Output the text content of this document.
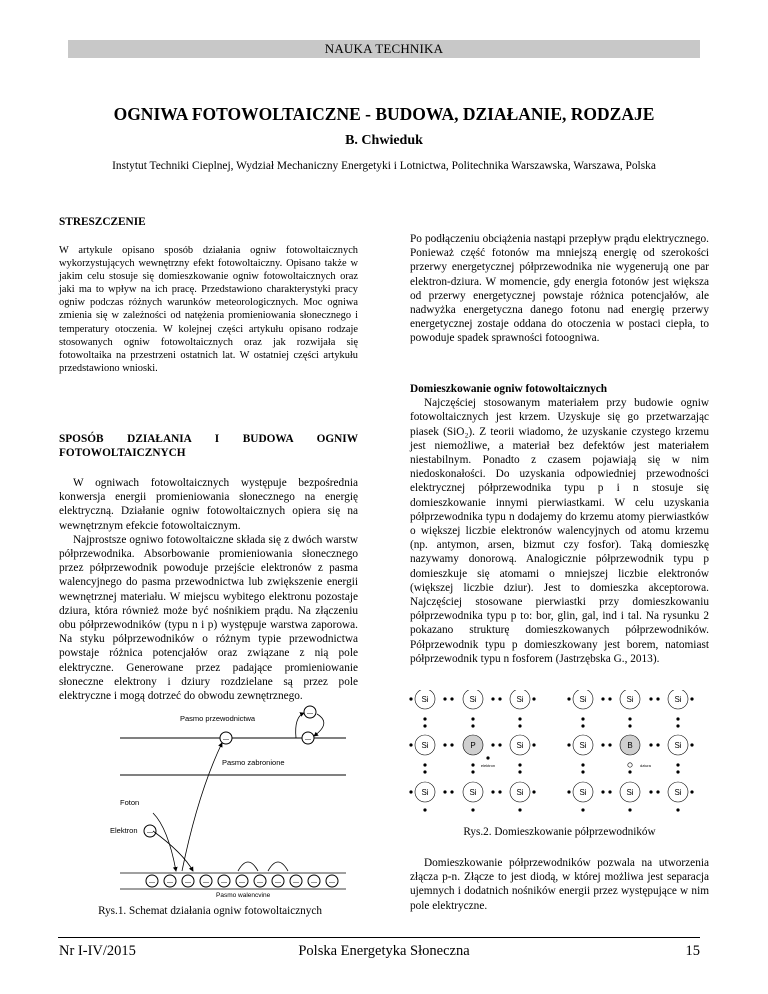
NAUKA TECHNIKA
OGNIWA FOTOWOLTAICZNE - BUDOWA, DZIAŁANIE, RODZAJE
B. Chwieduk
Instytut Techniki Cieplnej, Wydział Mechaniczny Energetyki i Lotnictwa, Politechnika Warszawska, Warszawa, Polska
STRESZCZENIE
W artykule opisano sposób działania ogniw fotowoltaicznych wykorzystujących wewnętrzny efekt fotowoltaiczny. Opisano także w jakim celu stosuje się domieszkowanie ogniw fotowoltaicznych oraz jaki ma to wpływ na ich pracę. Przedstawiono charakterystyki pracy ogniw podczas różnych warunków meteorologicznych. Moc ogniwa zmienia się w zależności od natężenia promieniowania słonecznego i temperatury otoczenia. W kolejnej części artykułu opisano rodzaje stosowanych ogniw fotowoltaicznych oraz jak rozwijała się fotowoltaika na przestrzeni ostatnich lat. W ostatniej części artykułu przedstawiono wnioski.
SPOSÓB DZIAŁANIA I BUDOWA OGNIW FOTOWOLTAICZNYCH

W ogniwach fotowoltaicznych występuje bezpośrednia konwersja energii promieniowania słonecznego na energię elektryczną. Działanie ogniw fotowoltaicznych opiera się na wewnętrznym efekcie fotowoltaicznym.

Najprostsze ogniwo fotowoltaiczne składa się z dwóch warstw półprzewodnika. Absorbowanie promieniowania słonecznego przez półprzewodnik powoduje przejście elektronów z pasma walencyjnego do pasma przewodnictwa lub zwiększenie energii wewnętrznej materiału. W miejscu wybitego elektronu pozostaje dziura, która również może być nośnikiem prądu. Na złączeniu obu półprzewodników (typu n i p) występuje warstwa zaporowa. Na styku półprzewodników o różnym typie przewodnictwa powstaje różnica potencjałów oraz związane z nią pole elektryczne. Generowane przez padające promieniowanie słoneczne elektrony i dziury rozdzielane są przez pole elektryczne i mogą dotrzeć do obwodu zewnętrznego.

Pasmo przewodnictwa
Pasmo zabronione
—	—
—
Foton
Elektron —
— — — — — — — — — — —
Pasmo walencyjne
Rys.1. Schemat działania ogniw fotowoltaicznych

Po podłączeniu obciążenia nastąpi przepływ prądu elektrycznego. Ponieważ część fotonów ma mniejszą energię od szerokości przerwy energetycznej półprzewodnika nie wygenerują one par elektron-dziura. W momencie, gdy energia fotonów jest większa od przerwy energetycznej powstaje różnica potencjałów, ale nadwyżka energetyczna danego fotonu nad energię przerwy energetycznej zostaje oddana do otoczenia w postaci ciepła, to powoduje spadek sprawności fotoogniwa.

Domieszkowanie ogniw fotowoltaicznych

Najczęściej stosowanym materiałem przy budowie ogniw fotowoltaicznych jest krzem. Uzyskuje się go przetwarzając piasek (SiO₂). Z teorii wiadomo, że uzyskanie czystego krzemu jest niemożliwe, a materiał bez defektów jest materiałem niestabilnym. Ponadto z czasem pojawiają się w nim niedoskonałości. Do uzyskania odpowiedniej przewodności elektrycznej półprzewodnika typu p i n stosuje się domieszkowanie innymi pierwiastkami. W celu uzyskania półprzewodnika typu n dodajemy do krzemu atomy pierwiastków o większej liczbie elektronów walencyjnych od atomu krzemu (np. antymon, arsen, bizmut czy fosfor). Taką domieszkę nazywamy donorową. Analogicznie półprzewodnik typu p domieszkuje się atomami o mniejszej liczbie elektronów (większej liczbie dziur). Jest to domieszka akceptorowa. Najczęściej stosowane pierwiastki przy domieszkowaniu półprzewodnika typu p to: bor, glin, gal, ind i tal. Na rysunku 2 pokazano strukturę domieszkowanych półprzewodników. Półprzewodnik typu p domieszkowany jest borem, natomiast półprzewodnik typu n fosforem (Jastrzębska G., 2013).

Si	Si	Si
Si	P	Si
Si	Si	Si
elektron
Si	Si	Si
Si	B	Si
Si	Si	Si
dziura
Rys.2. Domieszkowanie półprzewodników

Domieszkowanie półprzewodników pozwala na utworzenia złącza p-n. Złącze to jest diodą, w której możliwa jest separacja ujemnych i dodatnich nośników energii przez występujące w nim pole elektryczne.

Nr I-IV/2015	Polska Energetyka Słoneczna	15
